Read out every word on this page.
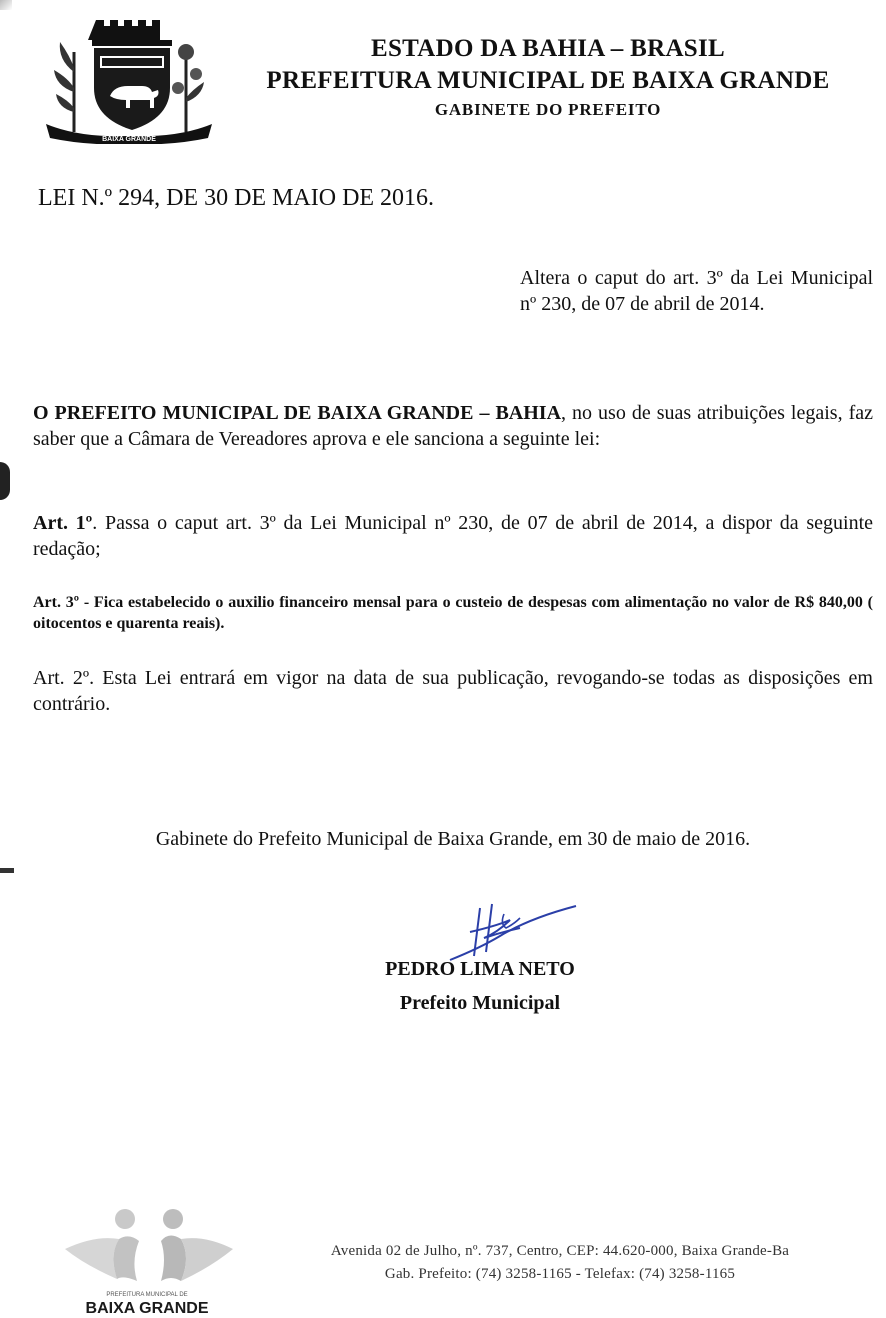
BAIXA GRANDE
ESTADO DA BAHIA – BRASIL
PREFEITURA MUNICIPAL DE BAIXA GRANDE
GABINETE DO PREFEITO
LEI N.º 294, DE 30 DE MAIO DE 2016.
Altera o caput do art. 3º da Lei Municipal nº 230, de 07 de abril de 2014.
O PREFEITO MUNICIPAL DE BAIXA GRANDE – BAHIA, no uso de suas atribuições legais, faz saber que a Câmara de Vereadores aprova e ele sanciona a seguinte lei:
Art. 1º. Passa o caput art. 3º da Lei Municipal nº 230, de 07 de abril de 2014, a dispor da seguinte redação;
Art. 3º - Fica estabelecido o auxilio financeiro mensal para o custeio de despesas com alimentação no valor de R$ 840,00 ( oitocentos e quarenta reais).
Art. 2º. Esta Lei entrará em vigor na data de sua publicação, revogando-se todas as disposições em contrário.
Gabinete do Prefeito Municipal de Baixa Grande, em 30 de maio de 2016.
PEDRO LIMA NETO
Prefeito Municipal
PREFEITURA MUNICIPAL DE
BAIXA GRANDE
Avenida 02 de Julho, nº. 737, Centro, CEP: 44.620-000, Baixa Grande-Ba
Gab. Prefeito: (74) 3258-1165 - Telefax: (74) 3258-1165
